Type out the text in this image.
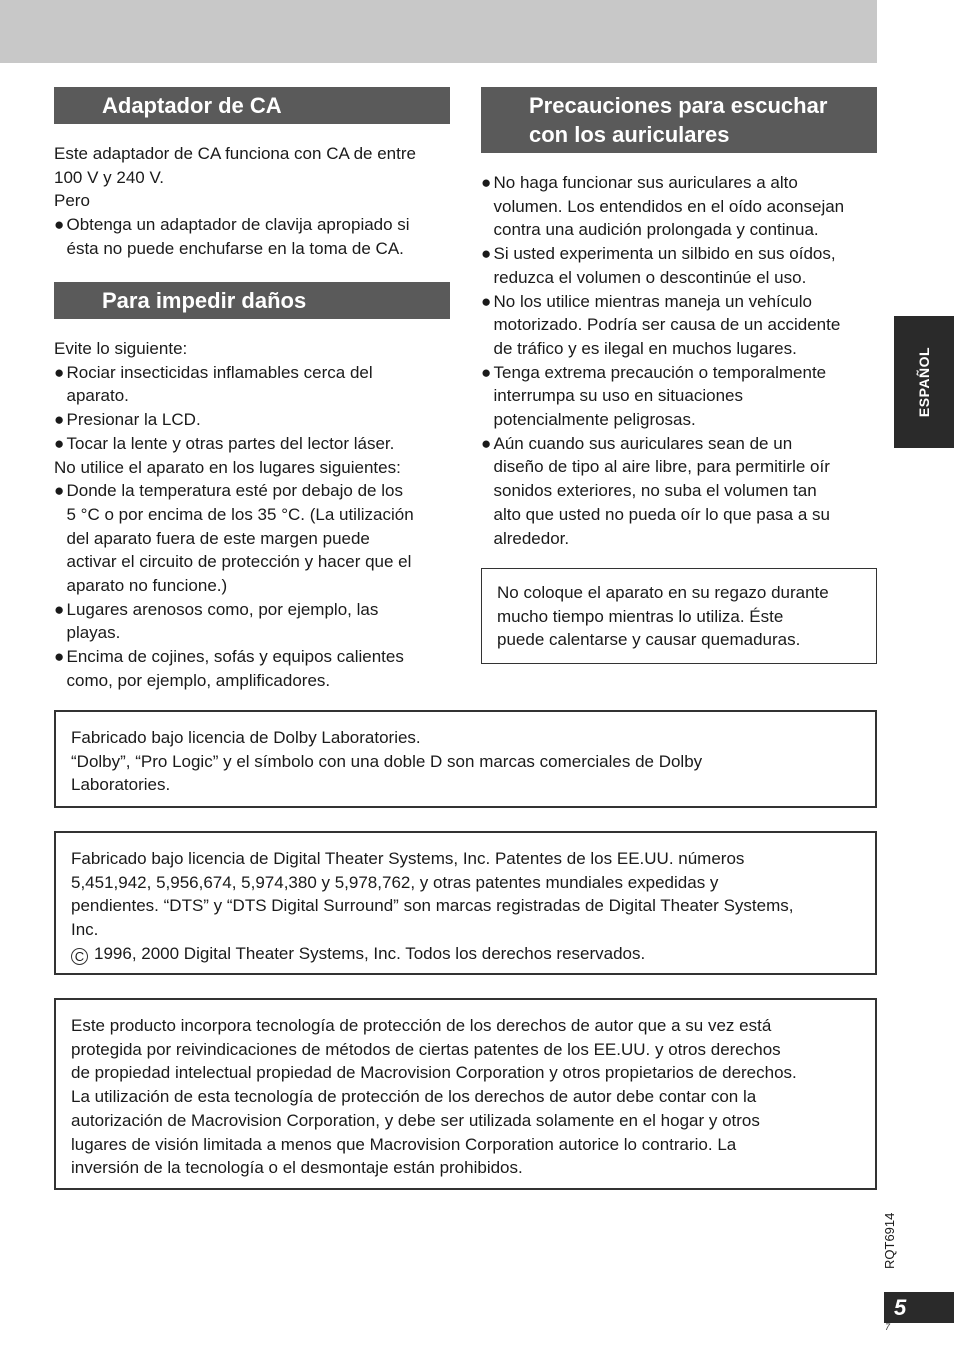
Adaptador de CA

Este adaptador de CA funciona con CA de entre

100 V y 240 V.

Pero

● Obtenga un adaptador de clavija apropiado si

ésta no puede enchufarse en la toma de CA.

Para impedir daños

Evite lo siguiente:

● Rociar insecticidas inflamables cerca del

aparato.

● Presionar la LCD.

● Tocar la lente y otras partes del lector láser.

No utilice el aparato en los lugares siguientes:

● Donde la temperatura esté por debajo de los

5 °C o por encima de los 35 °C. (La utilización

del aparato fuera de este margen puede

activar el circuito de protección y hacer que el

aparato no funcione.)

● Lugares arenosos como, por ejemplo, las

playas.

● Encima de cojines, sofás y equipos calientes

como, por ejemplo, amplificadores.

Precauciones para escuchar

con los auriculares

● No haga funcionar sus auriculares a alto

volumen. Los entendidos en el oído aconsejan

contra una audición prolongada y continua.

● Si usted experimenta un silbido en sus oídos,

reduzca el volumen o descontinúe el uso.

● No los utilice mientras maneja un vehículo

motorizado. Podría ser causa de un accidente

de tráfico y es ilegal en muchos lugares.

● Tenga extrema precaución o temporalmente

interrumpa su uso en situaciones

potencialmente peligrosas.

● Aún cuando sus auriculares sean de un

diseño de tipo al aire libre, para permitirle oír

sonidos exteriores, no suba el volumen tan

alto que usted no pueda oír lo que pasa a su

alrededor.

No coloque el aparato en su regazo durante

mucho tiempo mientras lo utiliza. Éste

puede calentarse y causar quemaduras.

Fabricado bajo licencia de Dolby Laboratories.

“Dolby”, “Pro Logic” y el símbolo con una doble D son marcas comerciales de Dolby

Laboratories.

Fabricado bajo licencia de Digital Theater Systems, Inc. Patentes de los EE.UU. números

5,451,942, 5,956,674, 5,974,380 y 5,978,762, y otras patentes mundiales expedidas y

pendientes. “DTS” y “DTS Digital Surround” son marcas registradas de Digital Theater Systems,

Inc.

C 1996, 2000 Digital Theater Systems, Inc. Todos los derechos reservados.

Este producto incorpora tecnología de protección de los derechos de autor que a su vez está

protegida por reivindicaciones de métodos de ciertas patentes de los EE.UU. y otros derechos

de propiedad intelectual propiedad de Macrovision Corporation y otros propietarios de derechos.

La utilización de esta tecnología de protección de los derechos de autor debe contar con la

autorización de Macrovision Corporation, y debe ser utilizada solamente en el hogar y otros

lugares de visión limitada a menos que Macrovision Corporation autorice lo contrario. La

inversión de la tecnología o el desmontaje están prohibidos.

ESPAÑOL
RQT6914
5
7
